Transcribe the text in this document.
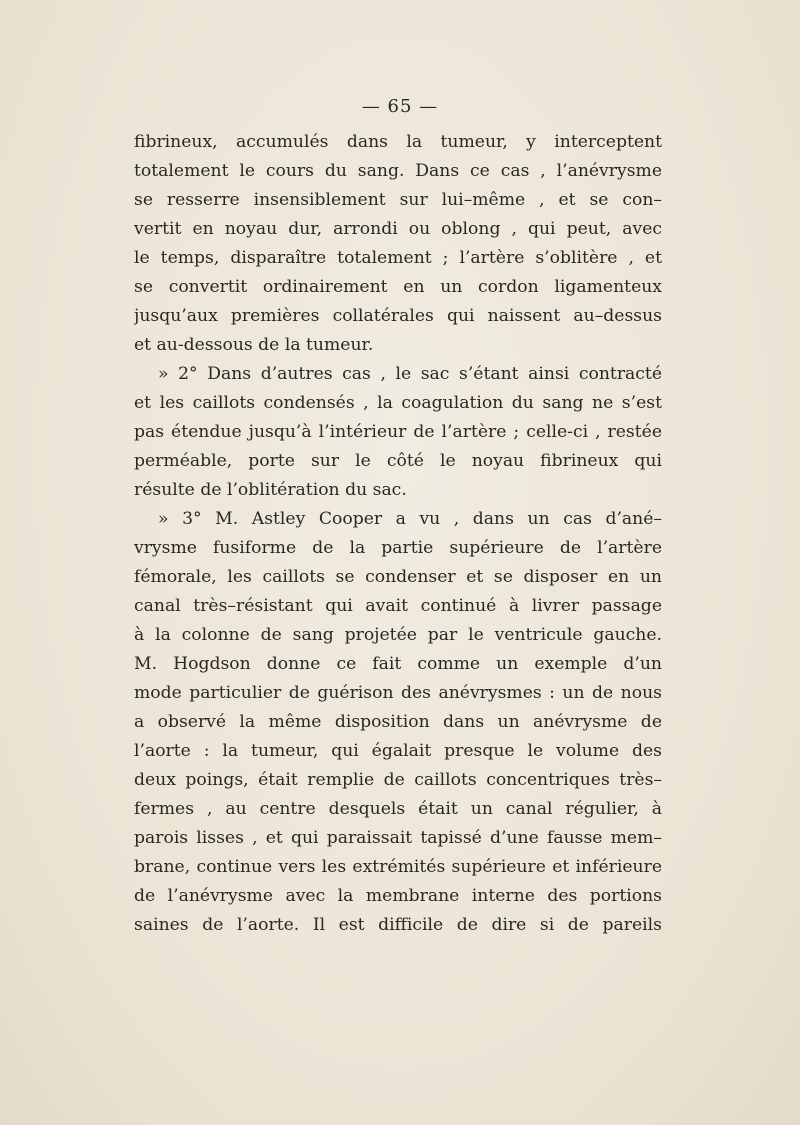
— 65 —
fibrineux, accumulés dans la tumeur, y interceptent
totalement le cours du sang. Dans ce cas , l’anévrysme
se resserre insensiblement sur lui–même , et se con–
vertit en noyau dur, arrondi ou oblong , qui peut, avec
le temps, disparaître totalement ; l’artère s’oblitère , et
se convertit ordinairement en un cordon ligamenteux
jusqu’aux premières collatérales qui naissent au–dessus
et au-dessous de la tumeur.
» 2° Dans d’autres cas , le sac s’étant ainsi contracté
et les caillots condensés , la coagulation du sang ne s’est
pas étendue jusqu’à l’intérieur de l’artère ; celle-ci , restée
perméable, porte sur le côté le noyau fibrineux qui
résulte de l’oblitération du sac.
» 3° M. Astley Cooper a vu , dans un cas d’ané–
vrysme fusiforme de la partie supérieure de l’artère
fémorale, les caillots se condenser et se disposer en un
canal très–résistant qui avait continué à livrer passage
à la colonne de sang projetée par le ventricule gauche.
M. Hogdson donne ce fait comme un exemple d’un
mode particulier de guérison des anévrysmes : un de nous
a observé la même disposition dans un anévrysme de
l’aorte : la tumeur, qui égalait presque le volume des
deux poings, était remplie de caillots concentriques très–
fermes , au centre desquels était un canal régulier, à
parois lisses , et qui paraissait tapissé d’une fausse mem–
brane, continue vers les extrémités supérieure et inférieure
de l’anévrysme avec la membrane interne des portions
saines de l’aorte. Il est difficile de dire si de pareils
